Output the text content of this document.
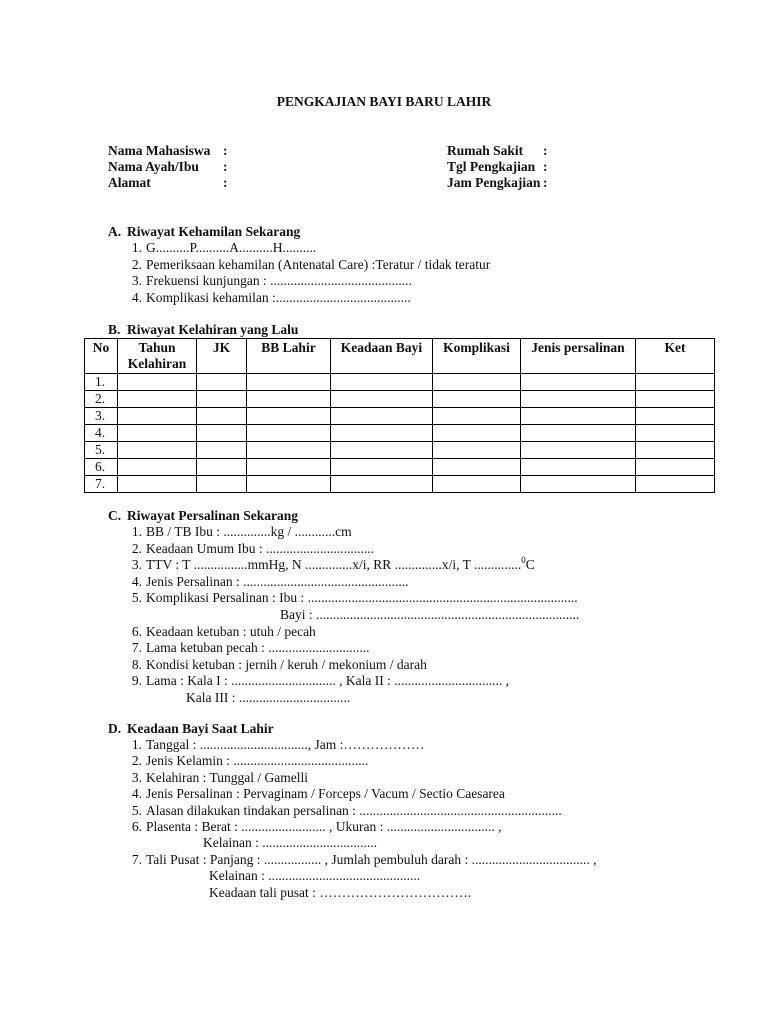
PENGKAJIAN BAYI BARU LAHIR
Nama Mahasiswa :
Nama Ayah/Ibu :
Alamat	:
Rumah Sakit :
Tgl Pengkajian :
Jam Pengkajian :
A. Riwayat Kehamilan Sekarang
1. G..........P..........A..........H..........
2. Pemeriksaan kehamilan (Antenatal Care) :Teratur / tidak teratur
3. Frekuensi kunjungan : ..........................................
4. Komplikasi kehamilan :........................................
B. Riwayat Kelahiran yang Lalu
No	Tahun Kelahiran	JK	BB Lahir	Keadaan Bayi	Komplikasi	Jenis persalinan	Ket
1.							
2.							
3.							
4.							
5.							
6.							
7.							
C. Riwayat Persalinan Sekarang
1. BB / TB Ibu : ..............kg / ............cm
2. Keadaan Umum Ibu : ................................
3. TTV : T ................mmHg, N ..............x/i, RR ..............x/i, T ..............$^0$C
4. Jenis Persalinan : .................................................
5. Komplikasi Persalinan : Ibu : ................................................................................
Bayi : ..............................................................................
6. Keadaan ketuban : utuh / pecah
7. Lama ketuban pecah : ..............................
8. Kondisi ketuban : jernih / keruh / mekonium / darah
9. Lama : Kala I : ............................... , Kala II : ................................ ,
Kala III : .................................
D. Keadaan Bayi Saat Lahir
1. Tanggal : ................................, Jam :………………
2. Jenis Kelamin : ........................................
3. Kelahiran : Tunggal / Gamelli
4. Jenis Persalinan : Pervaginam / Forceps / Vacum / Sectio Caesarea
5. Alasan dilakukan tindakan persalinan : ............................................................
6. Plasenta : Berat : ......................... , Ukuran : ................................ ,
Kelainan : ..................................
7. Tali Pusat : Panjang : ................. , Jumlah pembuluh darah : ................................... ,
Kelainan : .............................................
Keadaan tali pusat : …………………………….
